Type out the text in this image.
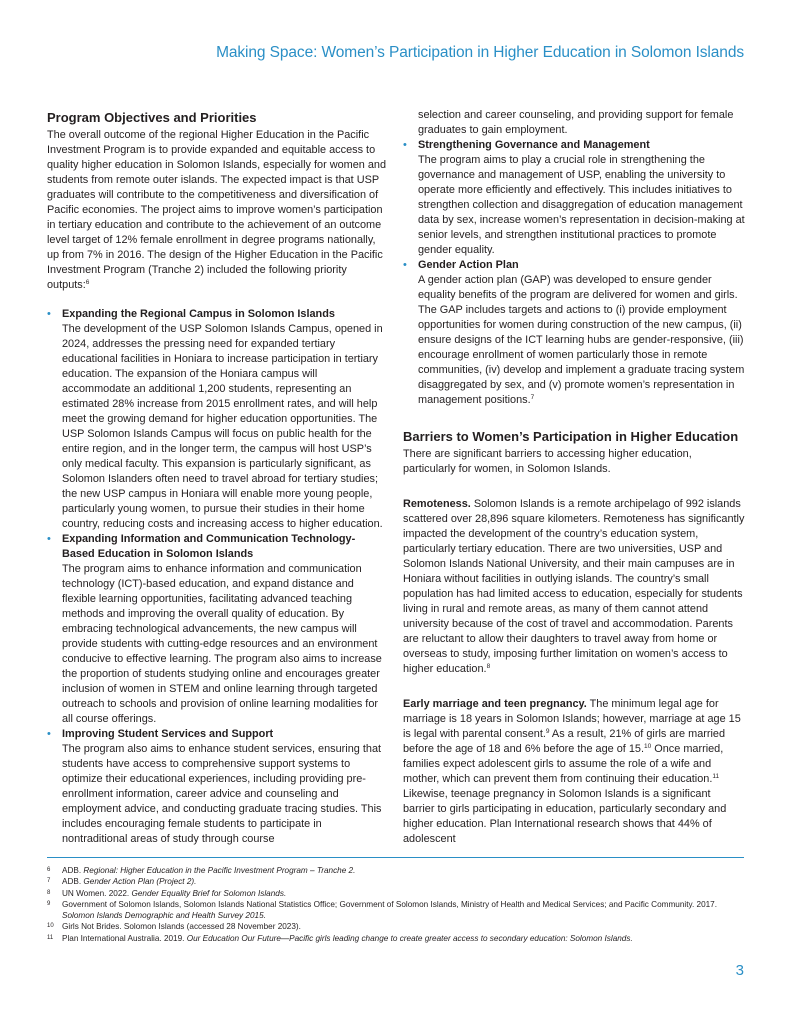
Making Space: Women’s Participation in Higher Education in Solomon Islands
Program Objectives and Priorities

The overall outcome of the regional Higher Education in the Pacific Investment Program is to provide expanded and equitable access to quality higher education in Solomon Islands, especially for women and students from remote outer islands. The expected impact is that USP graduates will contribute to the competitiveness and diversification of Pacific economies. The project aims to improve women’s participation in tertiary education and contribute to the achievement of an outcome level target of 12% female enrollment in degree programs nationally, up from 7% in 2016. The design of the Higher Education in the Pacific Investment Program (Tranche 2) included the following priority outputs:$^6$

• Expanding the Regional Campus in Solomon Islands
The development of the USP Solomon Islands Campus, opened in 2024, addresses the pressing need for expanded tertiary educational facilities in Honiara to increase participation in tertiary education. The expansion of the Honiara campus will accommodate an additional 1,200 students, representing an estimated 28% increase from 2015 enrollment rates, and will help meet the growing demand for higher education opportunities. The USP Solomon Islands Campus will focus on public health for the entire region, and in the longer term, the campus will host USP’s only medical faculty. This expansion is particularly significant, as Solomon Islanders often need to travel abroad for tertiary studies; the new USP campus in Honiara will enable more young people, particularly young women, to pursue their studies in their home country, reducing costs and increasing access to higher education.
• Expanding Information and Communication Technology-Based Education in Solomon Islands
The program aims to enhance information and communication technology (ICT)-based education, and expand distance and flexible learning opportunities, facilitating advanced teaching methods and improving the overall quality of education. By embracing technological advancements, the new campus will provide students with cutting-edge resources and an environment conducive to effective learning. The program also aims to increase the proportion of students studying online and encourages greater inclusion of women in STEM and online learning through targeted outreach to schools and provision of online learning modalities for all course offerings.
• Improving Student Services and Support
The program also aims to enhance student services, ensuring that students have access to comprehensive support systems to optimize their educational experiences, including providing pre-enrollment information, career advice and counseling and employment advice, and conducting graduate tracing studies. This includes encouraging female students to participate in nontraditional areas of study through course
selection and career counseling, and providing support for female graduates to gain employment.
• Strengthening Governance and Management
The program aims to play a crucial role in strengthening the governance and management of USP, enabling the university to operate more efficiently and effectively. This includes initiatives to strengthen collection and disaggregation of education management data by sex, increase women’s representation in decision-making at senior levels, and strengthen institutional practices to promote gender equality.
• Gender Action Plan
A gender action plan (GAP) was developed to ensure gender equality benefits of the program are delivered for women and girls. The GAP includes targets and actions to (i) provide employment opportunities for women during construction of the new campus, (ii) ensure designs of the ICT learning hubs are gender-responsive, (iii) encourage enrollment of women particularly those in remote communities, (iv) develop and implement a graduate tracing system disaggregated by sex, and (v) promote women’s representation in management positions.$^7$
Barriers to Women’s Participation in Higher Education

There are significant barriers to accessing higher education, particularly for women, in Solomon Islands.

Remoteness. Solomon Islands is a remote archipelago of 992 islands scattered over 28,896 square kilometers. Remoteness has significantly impacted the development of the country’s education system, particularly tertiary education. There are two universities, USP and Solomon Islands National University, and their main campuses are in Honiara without facilities in outlying islands. The country’s small population has had limited access to education, especially for students living in rural and remote areas, as many of them cannot attend university because of the cost of travel and accommodation. Parents are reluctant to allow their daughters to travel away from home or overseas to study, imposing further limitation on women’s access to higher education.$^8$

Early marriage and teen pregnancy. The minimum legal age for marriage is 18 years in Solomon Islands; however, marriage at age 15 is legal with parental consent.$^9$ As a result, 21% of girls are married before the age of 18 and 6% before the age of 15.10 Once married, families expect adolescent girls to assume the role of a wife and mother, which can prevent them from continuing their education.$^{11}$ Likewise, teenage pregnancy in Solomon Islands is a significant barrier to girls participating in education, particularly secondary and higher education. Plan International research shows that 44% of adolescent

6 ADB. Regional: Higher Education in the Pacific Investment Program – Tranche 2.
7 ADB. Gender Action Plan (Project 2).
8 UN Women. 2022. Gender Equality Brief for Solomon Islands.
9 Government of Solomon Islands, Solomon Islands National Statistics Office; Government of Solomon Islands, Ministry of Health and Medical Services; and Pacific Community. 2017. Solomon Islands Demographic and Health Survey 2015.
10 Girls Not Brides. Solomon Islands (accessed 28 November 2023).
11 Plan International Australia. 2019. Our Education Our Future—Pacific girls leading change to create greater access to secondary education: Solomon Islands.
3
